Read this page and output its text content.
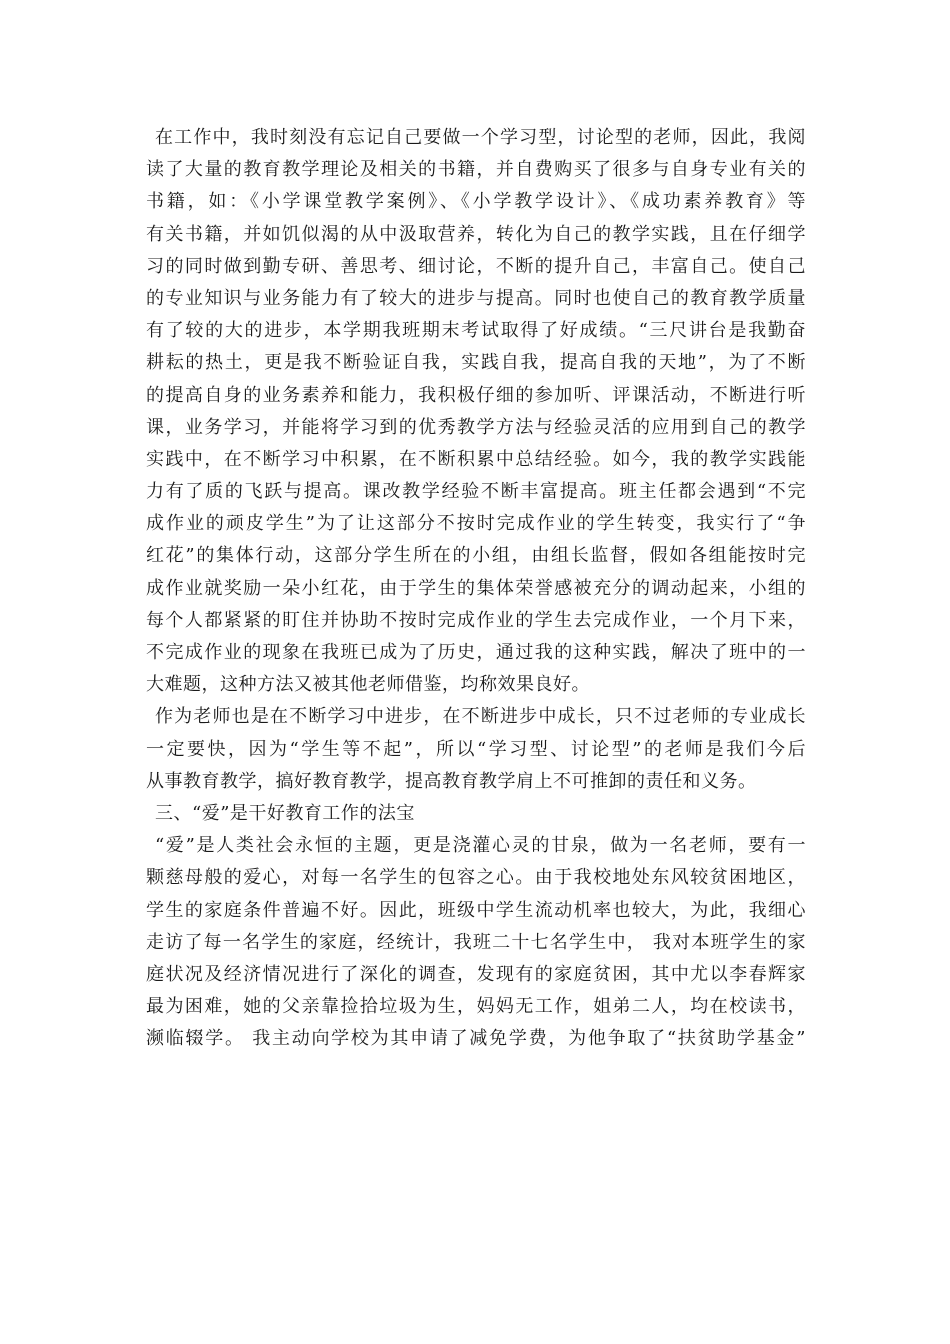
在工作中，我时刻没有忘记自己要做一个学习型，讨论型的老师，因此，我阅
读了大量的教育教学理论及相关的书籍，并自费购买了很多与自身专业有关的
书籍，如：《小学课堂教学案例》、《小学教学设计》、《成功素养教育》等
有关书籍，并如饥似渴的从中汲取营养，转化为自己的教学实践，且在仔细学
习的同时做到勤专研、善思考、细讨论，不断的提升自己，丰富自己。使自己
的专业知识与业务能力有了较大的进步与提高。同时也使自己的教育教学质量
有了较的大的进步，本学期我班期末考试取得了好成绩。“三尺讲台是我勤奋
耕耘的热土，更是我不断验证自我，实践自我，提高自我的天地”，为了不断
的提高自身的业务素养和能力，我积极仔细的参加听、评课活动，不断进行听
课，业务学习，并能将学习到的优秀教学方法与经验灵活的应用到自己的教学
实践中，在不断学习中积累，在不断积累中总结经验。如今，我的教学实践能
力有了质的飞跃与提高。课改教学经验不断丰富提高。班主任都会遇到“不完
成作业的顽皮学生”为了让这部分不按时完成作业的学生转变，我实行了“争
红花”的集体行动，这部分学生所在的小组，由组长监督，假如各组能按时完
成作业就奖励一朵小红花，由于学生的集体荣誉感被充分的调动起来，小组的
每个人都紧紧的盯住并协助不按时完成作业的学生去完成作业，一个月下来，
不完成作业的现象在我班已成为了历史，通过我的这种实践，解决了班中的一
大难题，这种方法又被其他老师借鉴，均称效果良好。
作为老师也是在不断学习中进步，在不断进步中成长，只不过老师的专业成长
一定要快，因为“学生等不起”，所以“学习型、讨论型”的老师是我们今后
从事教育教学，搞好教育教学，提高教育教学肩上不可推卸的责任和义务。
三、“爱”是干好教育工作的法宝
“爱”是人类社会永恒的主题，更是浇灌心灵的甘泉，做为一名老师，要有一
颗慈母般的爱心，对每一名学生的包容之心。由于我校地处东风较贫困地区，
学生的家庭条件普遍不好。因此，班级中学生流动机率也较大，为此，我细心
走访了每一名学生的家庭，经统计，我班二十七名学生中， 我对本班学生的家
庭状况及经济情况进行了深化的调查，发现有的家庭贫困，其中尤以李春辉家
最为困难，她的父亲靠捡拾垃圾为生，妈妈无工作，姐弟二人，均在校读书，
濒临辍学。 我主动向学校为其申请了减免学费，为他争取了“扶贫助学基金”
